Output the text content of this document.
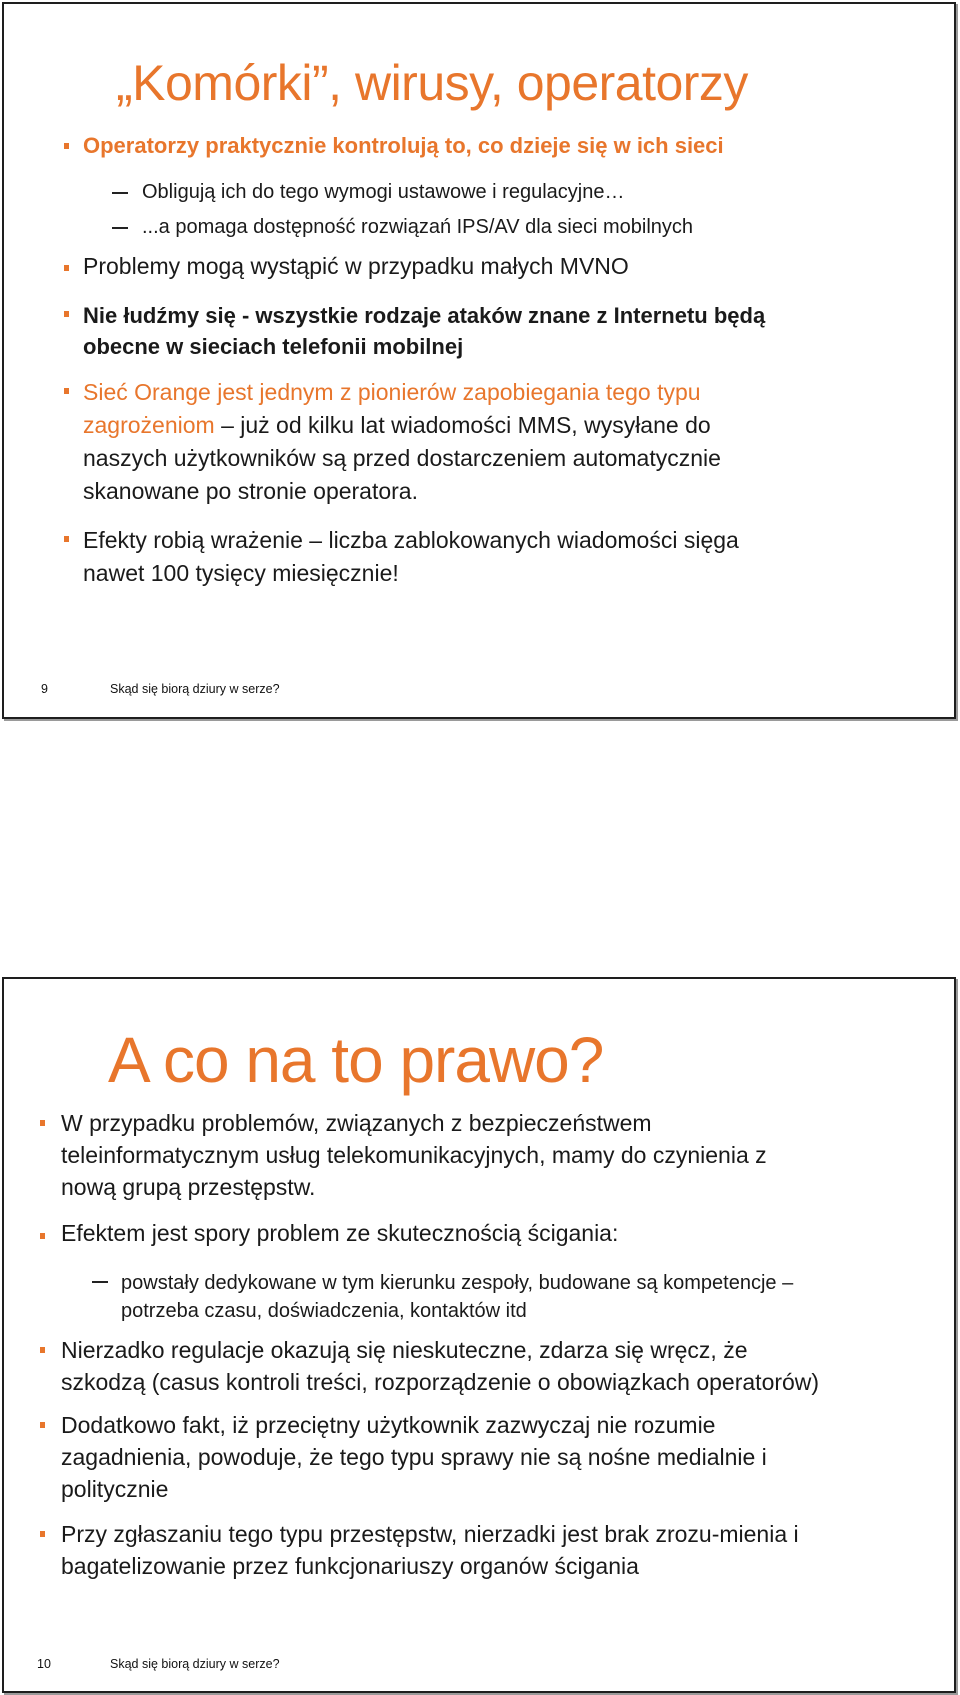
„Komórki”, wirusy, operatorzy
Operatorzy praktycznie kontrolują to, co dzieje się w ich sieci
Obligują ich do tego wymogi ustawowe i regulacyjne…
...a pomaga dostępność rozwiązań IPS/AV dla sieci mobilnych
Problemy mogą wystąpić w przypadku małych MVNO
Nie łudźmy się - wszystkie rodzaje ataków znane z Internetu będą
obecne w sieciach telefonii mobilnej
Sieć Orange jest jednym z pionierów zapobiegania tego typu
zagrożeniom – już od kilku lat wiadomości MMS, wysyłane do
naszych użytkowników są przed dostarczeniem automatycznie
skanowane po stronie operatora.
Efekty robią wrażenie – liczba zablokowanych wiadomości sięga
nawet 100 tysięcy miesięcznie!
9	Skąd się biorą dziury w serze?
A co na to prawo?
W przypadku problemów, związanych z bezpieczeństwem
teleinformatycznym usług telekomunikacyjnych, mamy do czynienia z
nową grupą przestępstw.
Efektem jest spory problem ze skutecznością ścigania:
powstały dedykowane w tym kierunku zespoły, budowane są kompetencje –
potrzeba czasu, doświadczenia, kontaktów itd
Nierzadko regulacje okazują się nieskuteczne, zdarza się wręcz, że
szkodzą (casus kontroli treści, rozporządzenie o obowiązkach operatorów)
Dodatkowo fakt, iż przeciętny użytkownik zazwyczaj nie rozumie
zagadnienia, powoduje, że tego typu sprawy nie są nośne medialnie i
politycznie
Przy zgłaszaniu tego typu przestępstw, nierzadki jest brak zrozu-mienia i
bagatelizowanie przez funkcjonariuszy organów ścigania
10	Skąd się biorą dziury w serze?
